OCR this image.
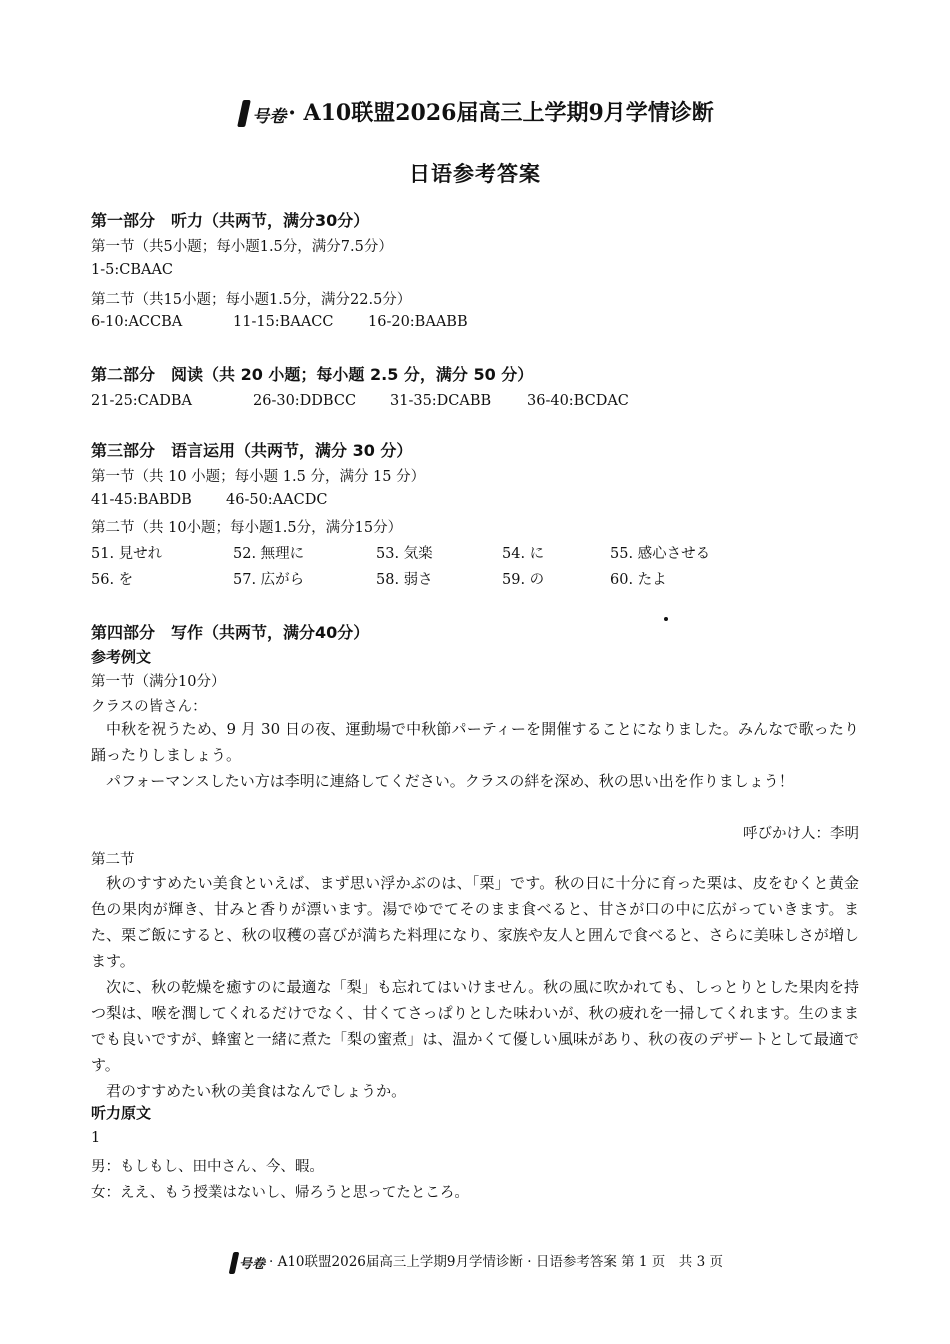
号卷 · A10联盟2026届高三上学期9月学情诊断
日语参考答案
第一部分　听力（共两节，满分30分）
第一节（共5小题；每小题1.5分，满分7.5分）
1-5:CBAAC
第二节（共15小题；每小题1.5分，满分22.5分）
6-10:ACCBA	11-15:BAACC 16-20:BAABB
第二部分　阅读（共 20 小题；每小题 2.5 分，满分 50 分）
21-25:CADBA	26-30:DDBCC 31-35:DCABB 36-40:BCDAC
第三部分　语言运用（共两节，满分 30 分）
第一节（共 10 小题；每小题 1.5 分，满分 15 分）
41-45:BABDB 46-50:AACDC
第二节（共 10小题；每小题1.5分，满分15分）
51. 見せれ	52. 無理に	53. 気楽	54. に	55. 感心させる
56. を	57. 広がら	58. 弱さ	59. の	60. たよ
第四部分　写作（共两节，满分40分）
参考例文
第一节（满分10分）
クラスの皆さん：
中秋を祝うため、9 月 30 日の夜、運動場で中秋節パーティーを開催することになりました。みんなで歌ったり踊ったりしましょう。
パフォーマンスしたい方は李明に連絡してください。クラスの絆を深め、秋の思い出を作りましょう！
呼びかけ人：李明
第二节
秋のすすめたい美食といえば、まず思い浮かぶのは、「栗」です。秋の日に十分に育った栗は、皮をむくと黄金色の果肉が輝き、甘みと香りが漂います。湯でゆでてそのまま食べると、甘さが口の中に広がっていきます。また、栗ご飯にすると、秋の収穫の喜びが満ちた料理になり、家族や友人と囲んで食べると、さらに美味しさが増します。
次に、秋の乾燥を癒すのに最適な「梨」も忘れてはいけません。秋の風に吹かれても、しっとりとした果肉を持つ梨は、喉を潤してくれるだけでなく、甘くてさっぱりとした味わいが、秋の疲れを一掃してくれます。生のままでも良いですが、蜂蜜と一緒に煮た「梨の蜜煮」は、温かくて優しい風味があり、秋の夜のデザートとして最適です。
君のすすめたい秋の美食はなんでしょうか。
听力原文
1
男：もしもし、田中さん、今、暇。
女：ええ、もう授業はないし、帰ろうと思ってたところ。
号卷 · A10联盟2026届高三上学期9月学情诊断 · 日语参考答案 第 1 页　共 3 页
